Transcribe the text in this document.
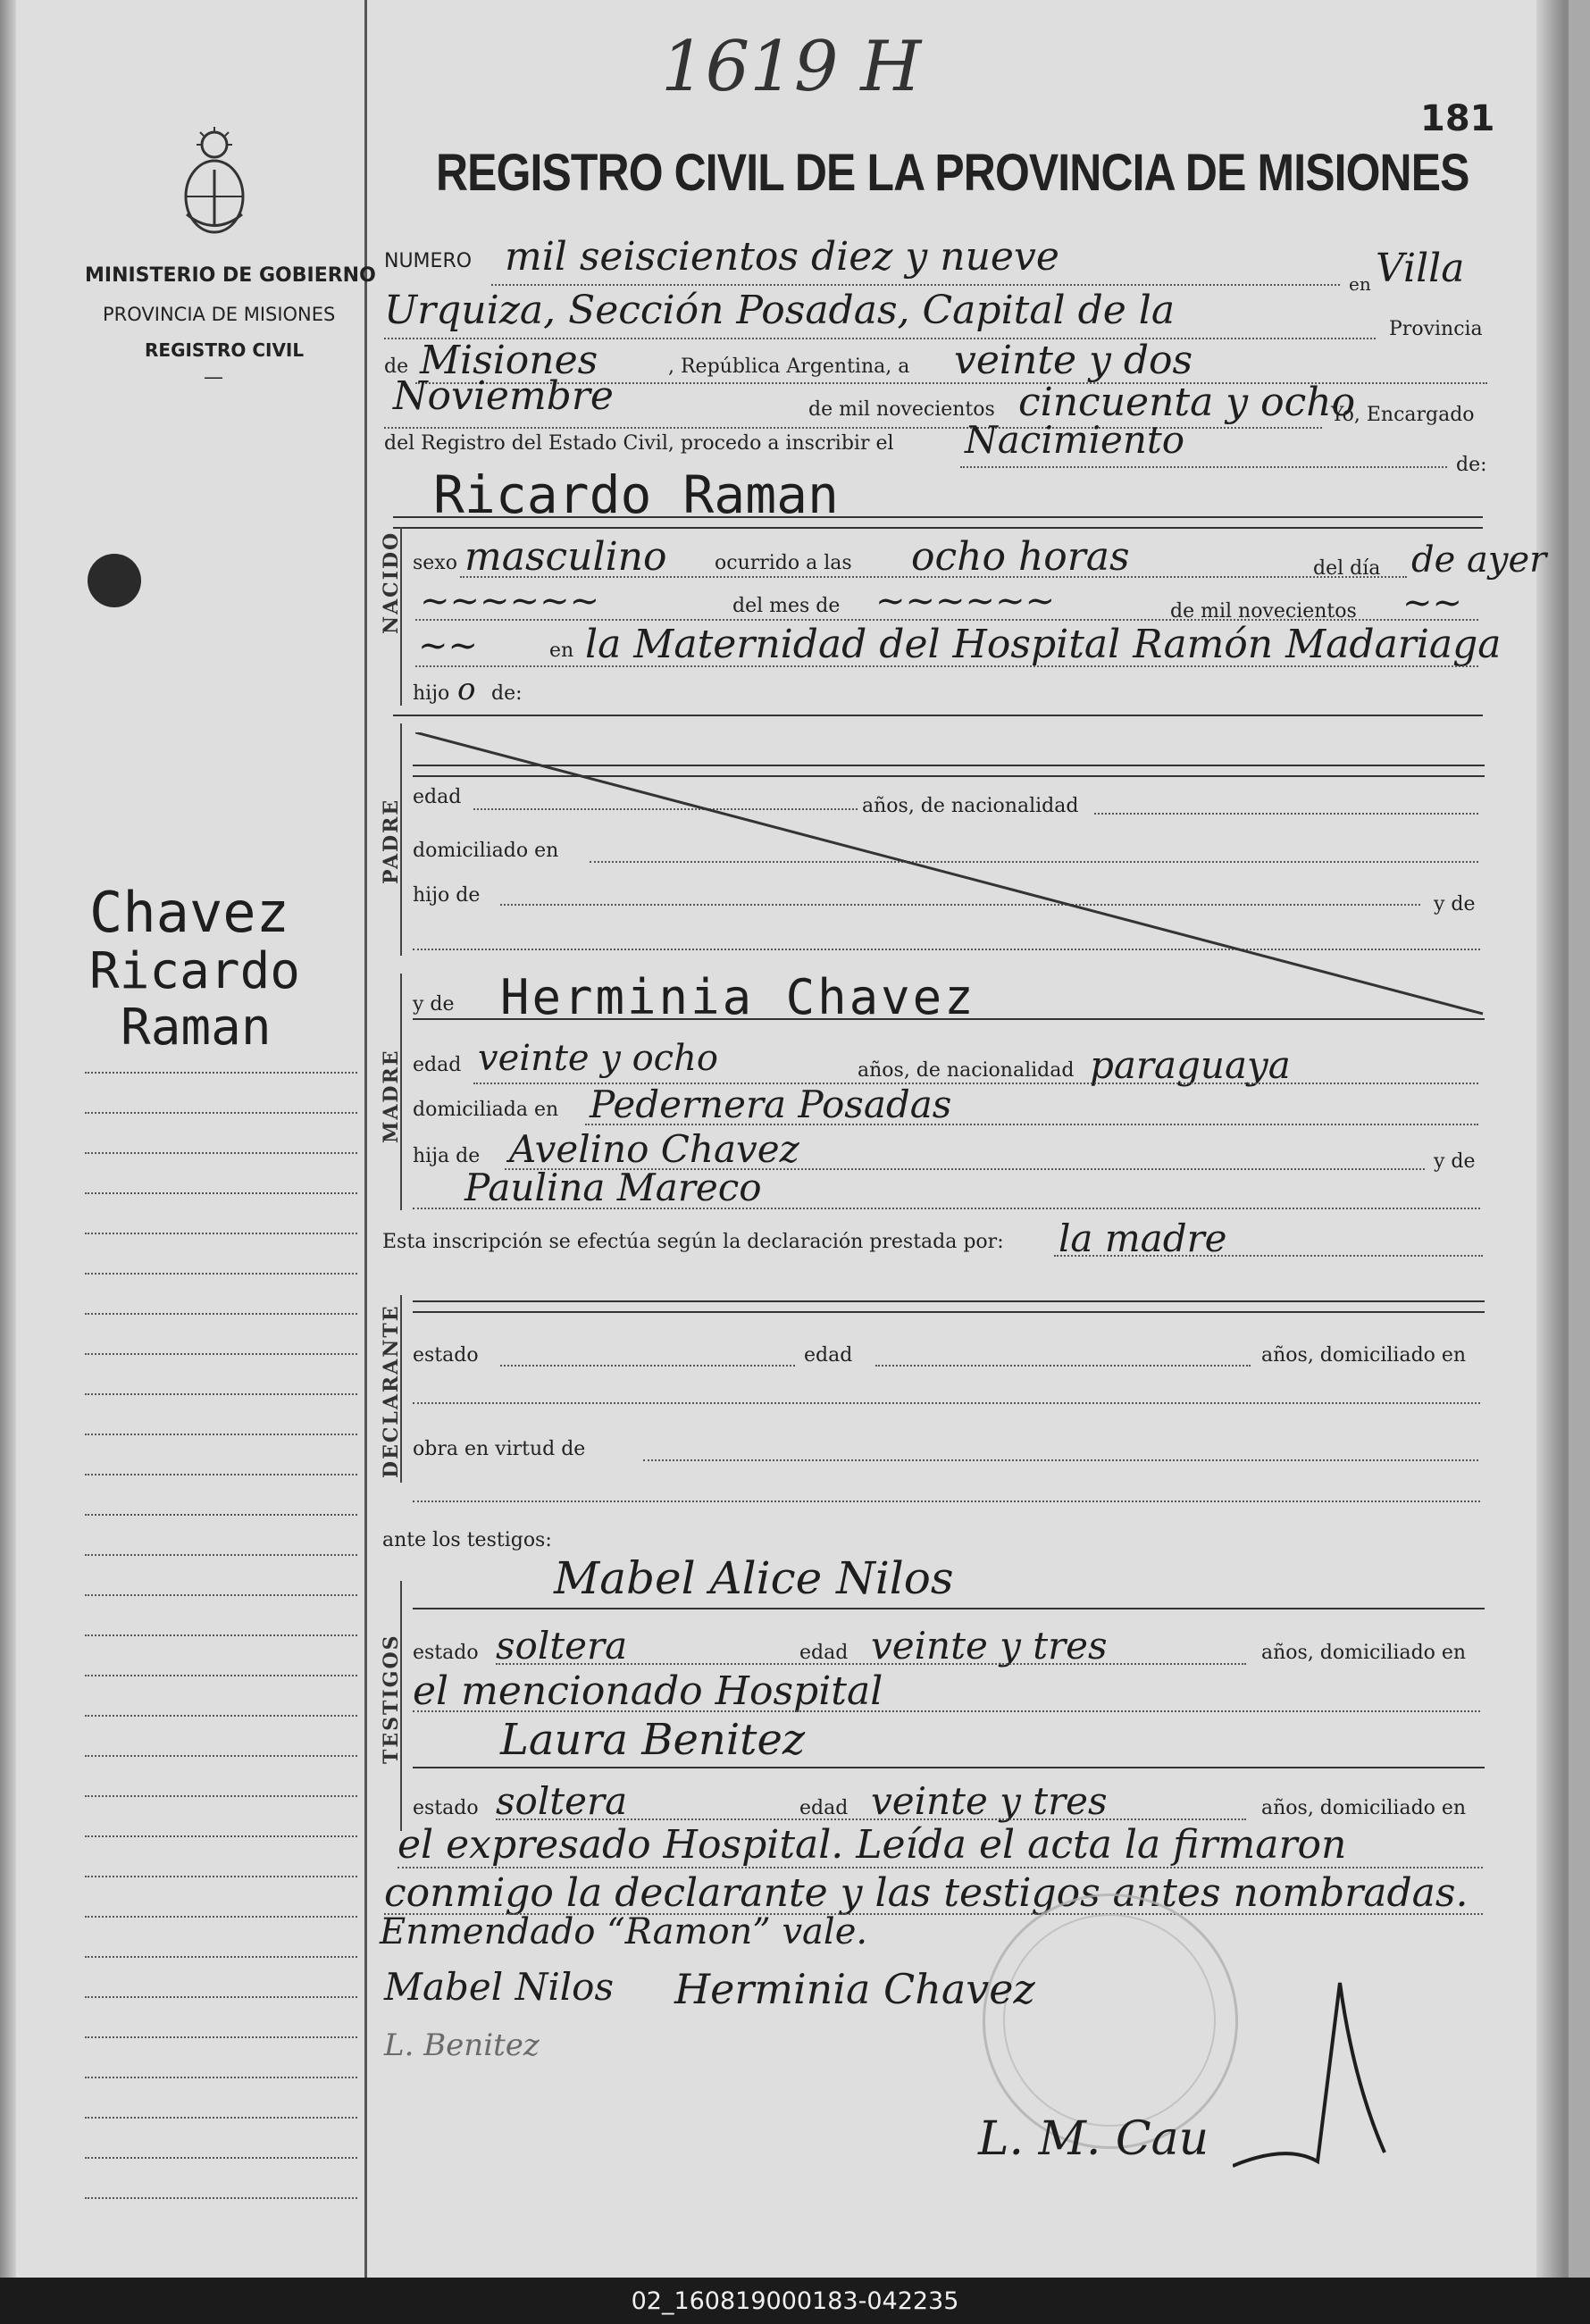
1619 H
181
REGISTRO CIVIL DE LA PROVINCIA DE MISIONES
MINISTERIO DE GOBIERNO
PROVINCIA DE MISIONES
REGISTRO CIVIL
—
Chavez
Ricardo
Raman
NUMERO mil seiscientos diez y nueve
en Villa
Urquiza, Sección Posadas, Capital de la	Provincia
de Misiones	, República Argentina, a veinte y dos
Noviembre	de mil novecientos cincuenta y ocho
Yo, Encargado
del Registro del Estado Civil, procedo a inscribir el Nacimiento
de:
Ricardo Raman
NACIDO sexo masculino ocurrido a las ocho horas	del día de ayer
~~~~~~	del mes de ~~~~~~	de mil novecientos ~~
~~	en la Maternidad del Hospital Ramón Madariaga
hijo o de:
PADRE
edad	años, de nacionalidad
domiciliado en
hijo de	y de
MADRE
y de Herminia Chavez
edad veinte y ocho	años, de nacionalidad paraguaya
domiciliada en Pedernera Posadas
hija de Avelino Chavez	y de
Paulina Mareco
Esta inscripción se efectúa según la declaración prestada por: la madre
DECLARANTE estado	edad	años, domiciliado en
obra en virtud de
ante los testigos:
TESTIGOS
Mabel Alice Nilos
estado soltera	edad veinte y tres	años, domiciliado en
el mencionado Hospital
Laura Benitez
estado soltera	edad veinte y tres	años, domiciliado en
el expresado Hospital. Leída el acta la firmaron
conmigo la declarante y las testigos antes nombradas.
Enmendado “Ramon” vale.
Mabel Nilos Herminia Chavez
L. Benitez
L. M. Cau
02_160819000183-042235
